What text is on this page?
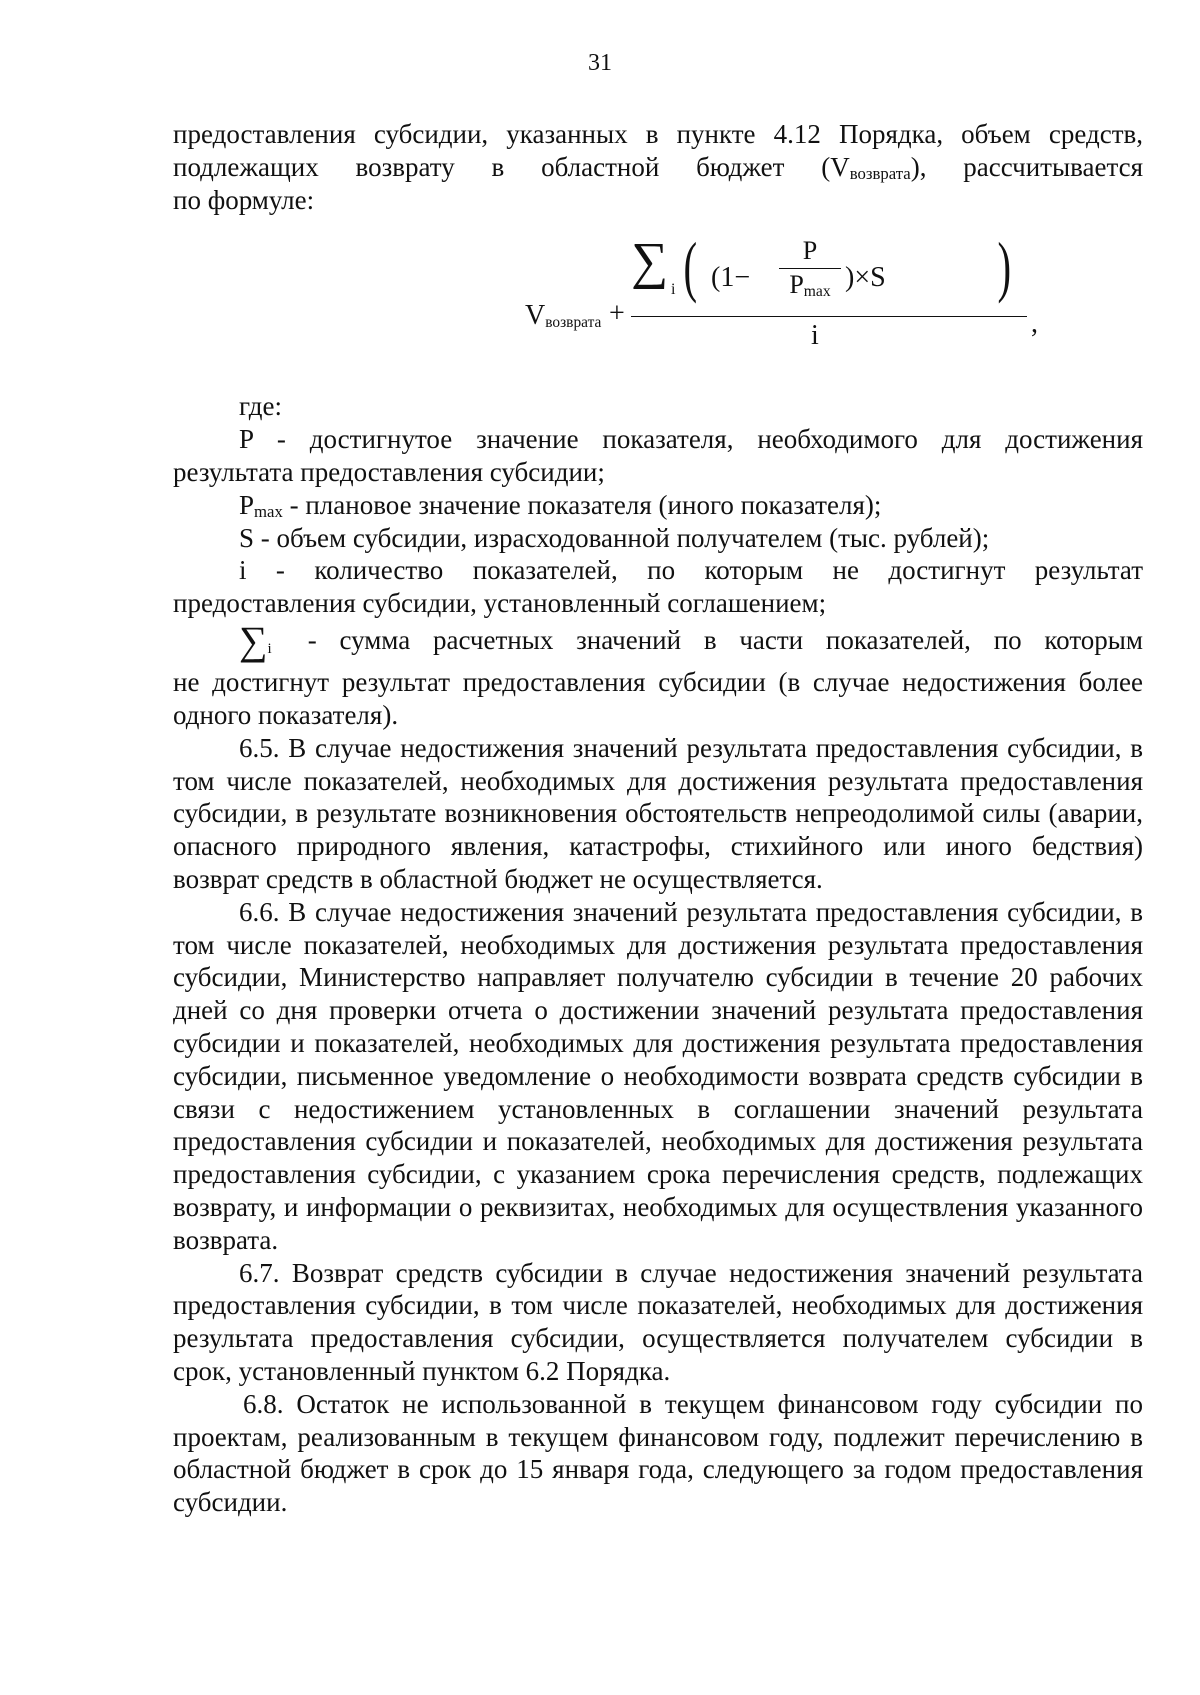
31

предоставления субсидии, указанных в пункте 4.12 Порядка, объем средств,

подлежащих возврату в областной бюджет $(V_{возврата})$, рассчитывается

по формуле:

$V_{возврата}$ +
∑ i ( (1−
P
$P_{max}$ )×S )
i	,

где:

P - достигнутое значение показателя, необходимого для достижения

результата предоставления субсидии;

$P_{max}$ - плановое значение показателя (иного показателя);

S - объем субсидии, израсходованной получателем (тыс. рублей);

i - количество показателей, по которым не достигнут результат

предоставления субсидии, установленный соглашением;

∑i - сумма расчетных значений в части показателей, по которым

не достигнут результат предоставления субсидии (в случае недостижения более одного показателя).

6.5. В случае недостижения значений результата предоставления субсидии, в том числе показателей, необходимых для достижения результата предоставления субсидии, в результате возникновения обстоятельств непреодолимой силы (аварии, опасного природного явления, катастрофы, стихийного или иного бедствия) возврат средств в областной бюджет не осуществляется.

6.6. В случае недостижения значений результата предоставления субсидии, в том числе показателей, необходимых для достижения результата предоставления субсидии, Министерство направляет получателю субсидии в течение 20 рабочих дней со дня проверки отчета о достижении значений результата предоставления субсидии и показателей, необходимых для достижения результата предоставления субсидии, письменное уведомление о необходимости возврата средств субсидии в связи с недостижением установленных в соглашении значений результата предоставления субсидии и показателей, необходимых для достижения результата предоставления субсидии, с указанием срока перечисления средств, подлежащих возврату, и информации о реквизитах, необходимых для осуществления указанного возврата.

6.7. Возврат средств субсидии в случае недостижения значений результата предоставления субсидии, в том числе показателей, необходимых для достижения результата предоставления субсидии, осуществляется получателем субсидии в срок, установленный пунктом 6.2 Порядка.

6.8. Остаток не использованной в текущем финансовом году субсидии по проектам, реализованным в текущем финансовом году, подлежит перечислению в областной бюджет в срок до 15 января года, следующего за годом предоставления субсидии.
